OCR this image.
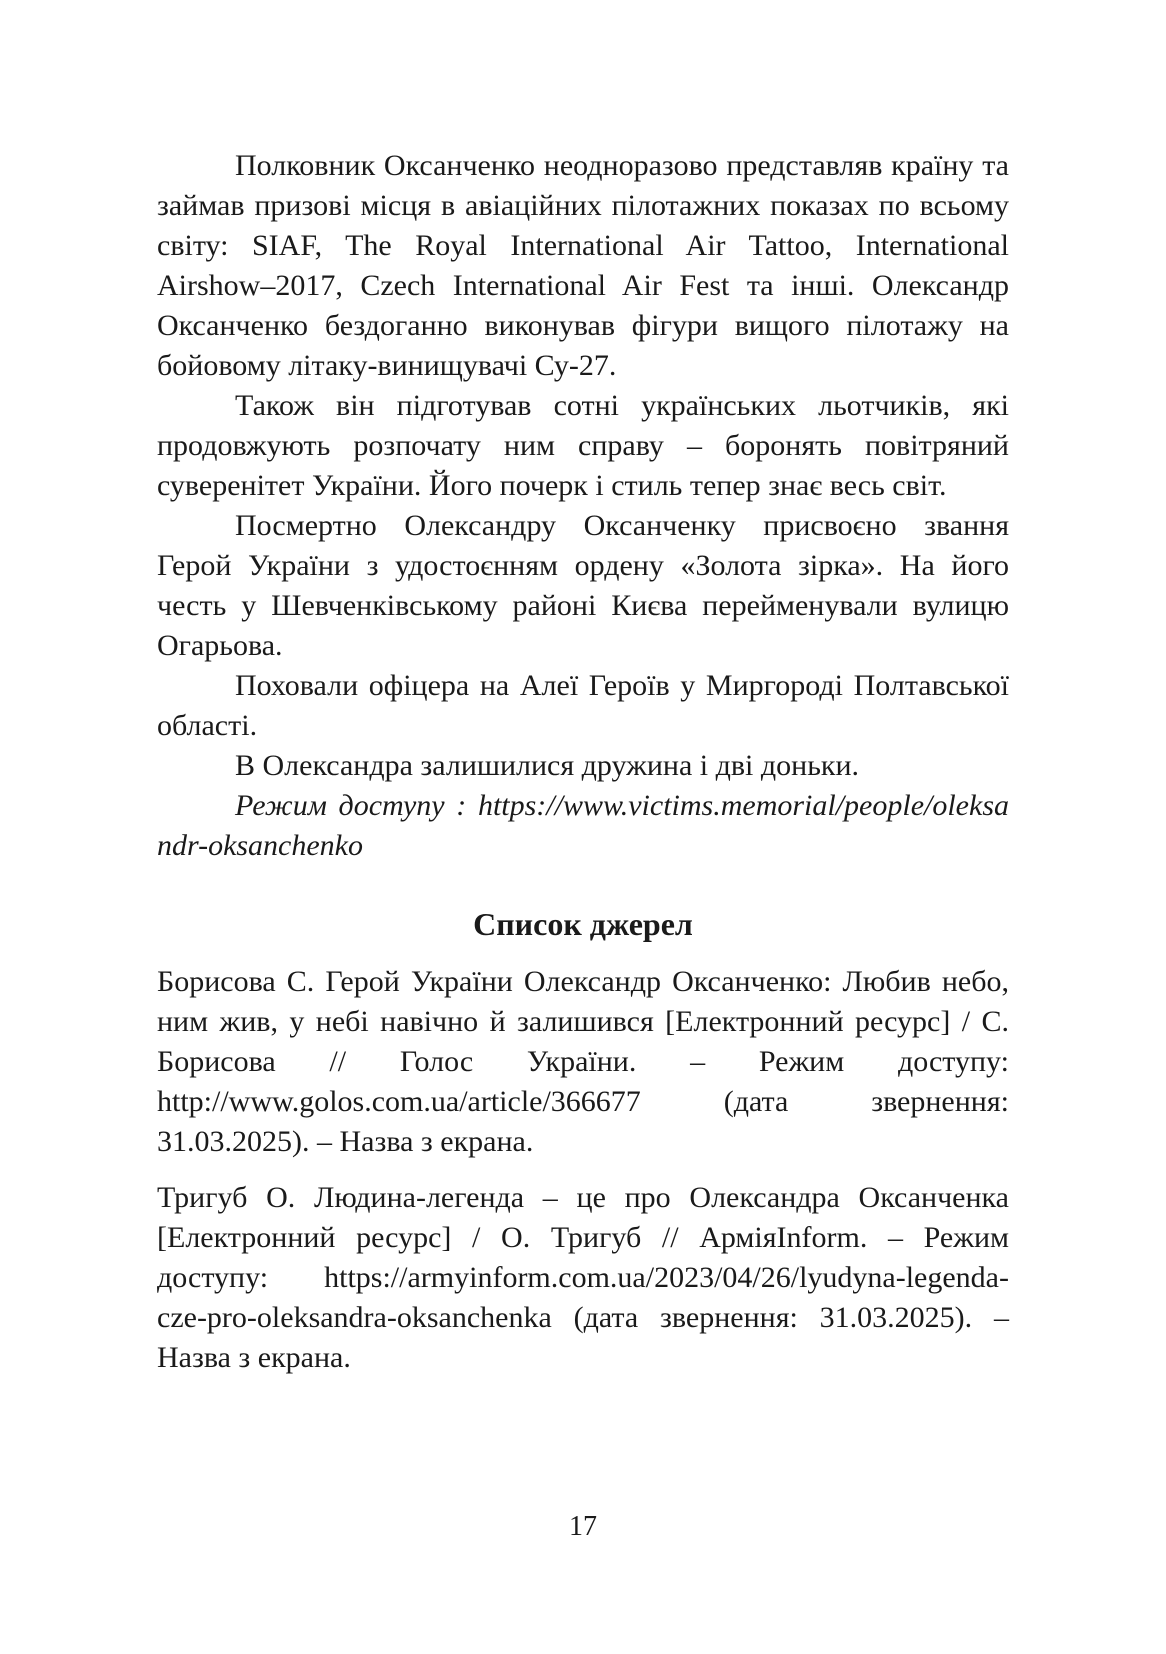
Полковник Оксанченко неодноразово представляв країну та займав призові місця в авіаційних пілотажних показах по всьому світу: SIAF, The Royal International Air Tattoo, International Airshow–2017, Czech International Air Fest та інші. Олександр Оксанченко бездоганно виконував фігури вищого пілотажу на бойовому літаку-винищувачі Су-27.

Також він підготував сотні українських льотчиків, які продовжують розпочату ним справу – боронять повітряний суверенітет України. Його почерк і стиль тепер знає весь світ.

Посмертно Олександру Оксанченку присвоєно звання Герой України з удостоєнням ордену «Золота зірка». На його честь у Шевченківському районі Києва перейменували вулицю Огарьова.

Поховали офіцера на Алеї Героїв у Миргороді Полтавської області.

В Олександра залишилися дружина і дві доньки.

Режим доступу : https://www.victims.memorial/people/oleksandr-oksanchenko

Список джерел

Борисова С. Герой України Олександр Оксанченко: Любив небо, ним жив, у небі навічно й залишився [Електронний ресурс] / С. Борисова // Голос України. – Режим доступу: http://www.golos.com.ua/article/366677 (дата звернення: 31.03.2025). – Назва з екрана.

Тригуб О. Людина-легенда – це про Олександра Оксанченка [Електронний ресурс] / О. Тригуб // АрміяInform. – Режим доступу: https://armyinform.com.ua/2023/04/26/lyudyna-legenda-cze-pro-oleksandra-oksanchenka (дата звернення: 31.03.2025). – Назва з екрана.

17
